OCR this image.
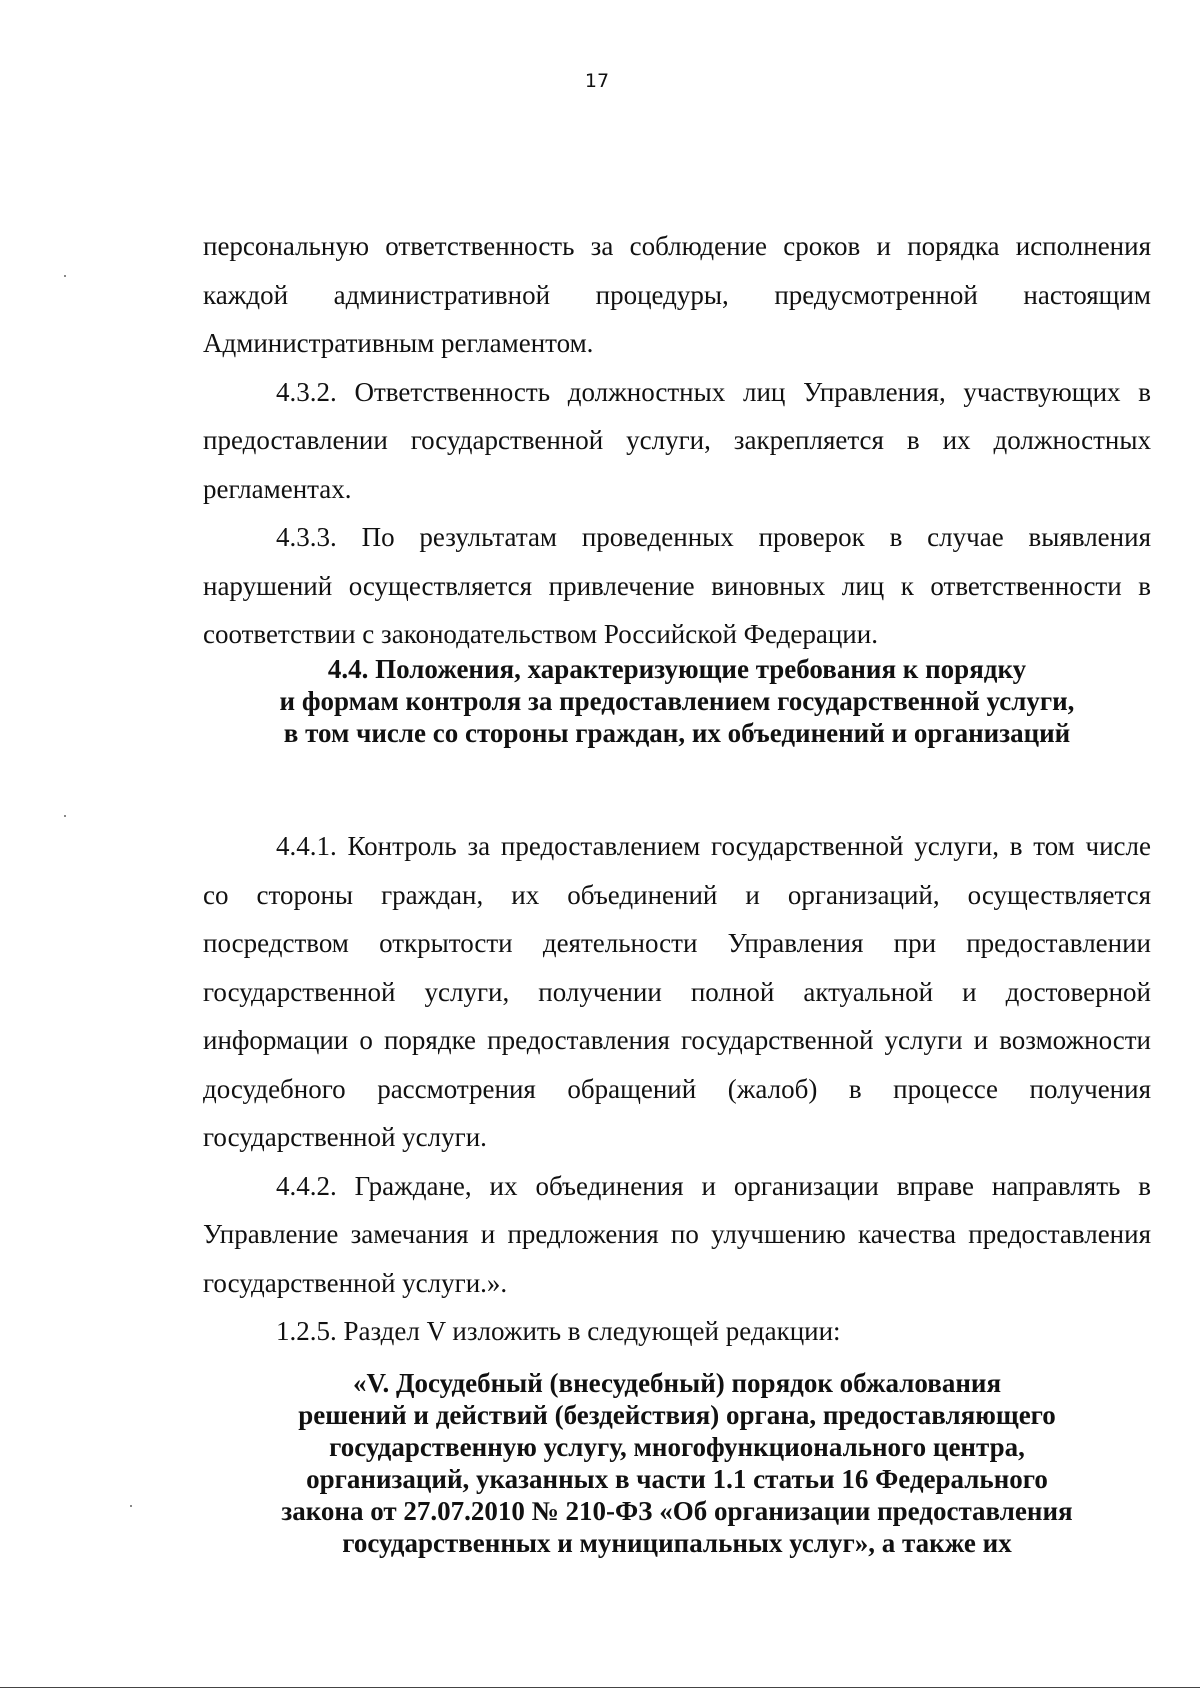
17

персональную ответственность за соблюдение сроков и порядка исполнения каждой административной процедуры, предусмотренной настоящим Административным регламентом.

4.3.2. Ответственность должностных лиц Управления, участвующих в предоставлении государственной услуги, закрепляется в их должностных регламентах.

4.3.3. По результатам проведенных проверок в случае выявления нарушений осуществляется привлечение виновных лиц к ответственности в соответствии с законодательством Российской Федерации.

4.4. Положения, характеризующие требования к порядку
и формам контроля за предоставлением государственной услуги,
в том числе со стороны граждан, их объединений и организаций

4.4.1. Контроль за предоставлением государственной услуги, в том числе со стороны граждан, их объединений и организаций, осуществляется посредством открытости деятельности Управления при предоставлении государственной услуги, получении полной актуальной и достоверной информации о порядке предоставления государственной услуги и возможности досудебного рассмотрения обращений (жалоб) в процессе получения государственной услуги.

4.4.2. Граждане, их объединения и организации вправе направлять в Управление замечания и предложения по улучшению качества предоставления государственной услуги.».

1.2.5. Раздел V изложить в следующей редакции:

«V. Досудебный (внесудебный) порядок обжалования
решений и действий (бездействия) органа, предоставляющего
государственную услугу, многофункционального центра,
организаций, указанных в части 1.1 статьи 16 Федерального
закона от 27.07.2010 № 210-ФЗ «Об организации предоставления
государственных и муниципальных услуг», а также их
